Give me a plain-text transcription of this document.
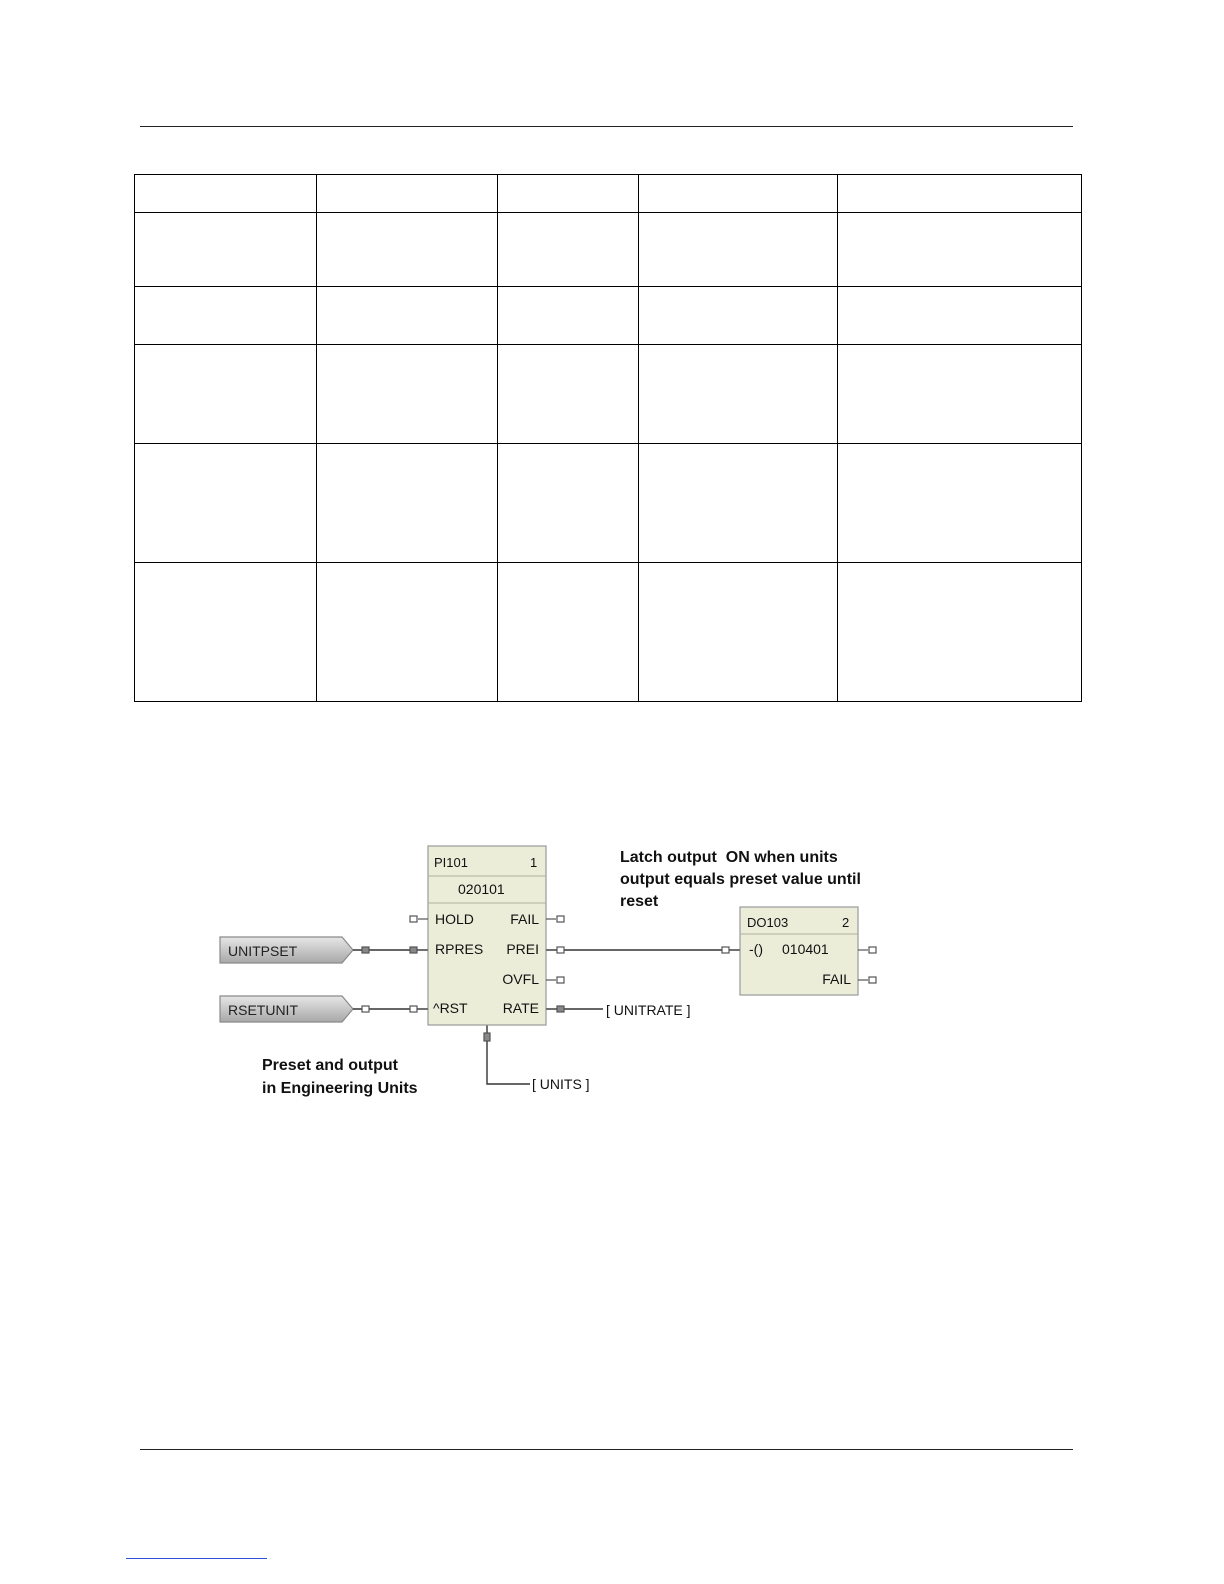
UNITPSET
RSETUNIT
PI101	1
020101
HOLD
RPRES
^RST
FAIL
PREI
OVFL
RATE
DO103	2
-() 010401
FAIL
[ UNITRATE ]
[ UNITS ]
Latch output  ON when units
output equals preset value until
reset
Preset and output
in Engineering Units
